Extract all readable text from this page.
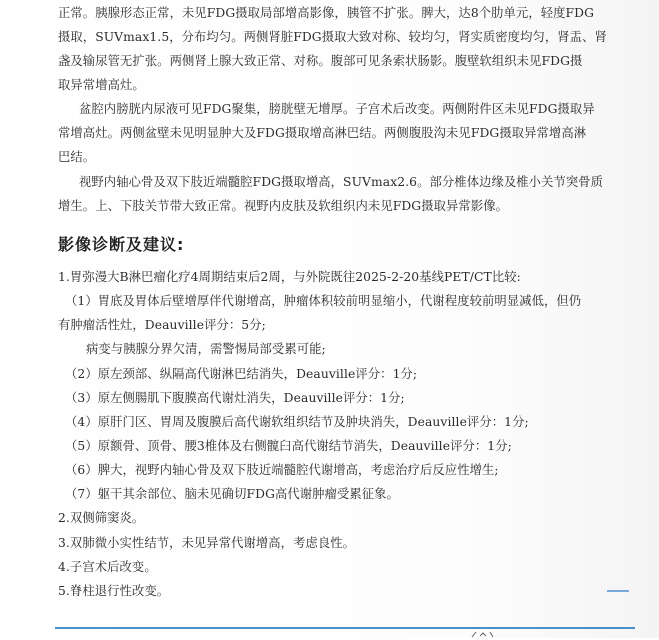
正常。胰腺形态正常，未见FDG摄取局部增高影像，胰管不扩张。脾大，达8个肋单元，轻度FDG
摄取，SUVmax1.5，分布均匀。两侧肾脏FDG摄取大致对称、较均匀，肾实质密度均匀，肾盂、肾
盏及输尿管无扩张。两侧肾上腺大致正常、对称。腹部可见条索状肠影。腹壁软组织未见FDG摄
取异常增高灶。
盆腔内膀胱内尿液可见FDG聚集，膀胱壁无增厚。子宫术后改变。两侧附件区未见FDG摄取异
常增高灶。两侧盆壁未见明显肿大及FDG摄取增高淋巴结。两侧腹股沟未见FDG摄取异常增高淋
巴结。
视野内轴心骨及双下肢近端髓腔FDG摄取增高，SUVmax2.6。部分椎体边缘及椎小关节突骨质
增生。上、下肢关节带大致正常。视野内皮肤及软组织内未见FDG摄取异常影像。
影像诊断及建议:
1.胃弥漫大B淋巴瘤化疗4周期结束后2周，与外院既往2025-2-20基线PET/CT比较:
（1）胃底及胃体后壁增厚伴代谢增高，肿瘤体积较前明显缩小，代谢程度较前明显减低，但仍
有肿瘤活性灶，Deauville评分：5分;
病变与胰腺分界欠清，需警惕局部受累可能;
（2）原左颈部、纵隔高代谢淋巴结消失，Deauville评分：1分;
（3）原左侧腸肌下腹膜高代谢灶消失，Deauville评分：1分;
（4）原肝门区、胃周及腹膜后高代谢软组织结节及肿块消失，Deauville评分：1分;
（5）原额骨、顶骨、腰3椎体及右侧髋臼高代谢结节消失，Deauville评分：1分;
（6）脾大，视野内轴心骨及双下肢近端髓腔代谢增高，考虑治疗后反应性增生;
（7）躯干其余部位、脑未见确切FDG高代谢肿瘤受累征象。
2.双侧筛窦炎。
3.双肺微小实性结节，未见异常代谢增高，考虑良性。
4.子宫术后改变。
5.脊柱退行性改变。
